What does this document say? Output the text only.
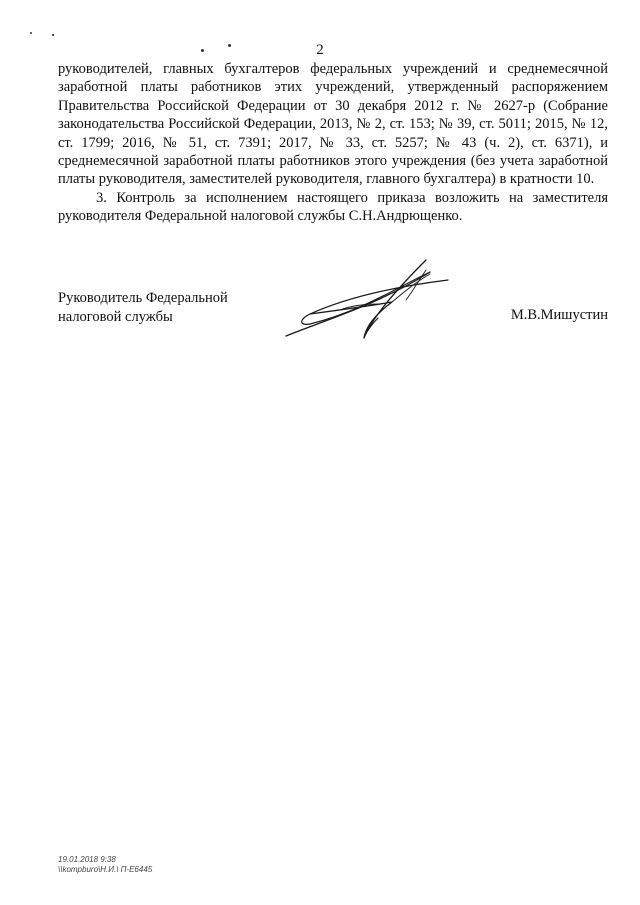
2

руководителей, главных бухгалтеров федеральных учреждений и среднемесячной заработной платы работников этих учреждений, утвержденный распоряжением Правительства Российской Федерации от 30 декабря 2012 г. № 2627-р (Собрание законодательства Российской Федерации, 2013, № 2, ст. 153; № 39, ст. 5011; 2015, № 12, ст. 1799; 2016, № 51, ст. 7391; 2017, № 33, ст. 5257; № 43 (ч. 2), ст. 6371), и среднемесячной заработной платы работников этого учреждения (без учета заработной платы руководителя, заместителей руководителя, главного бухгалтера) в кратности 10.

3. Контроль за исполнением настоящего приказа возложить на заместителя руководителя Федеральной налоговой службы С.Н.Андрющенко.

Руководитель Федеральной
налоговой службы	М.В.Мишустин
19.01.2018 9:38
\\kompburo\Н.И.\ П-Е6445
